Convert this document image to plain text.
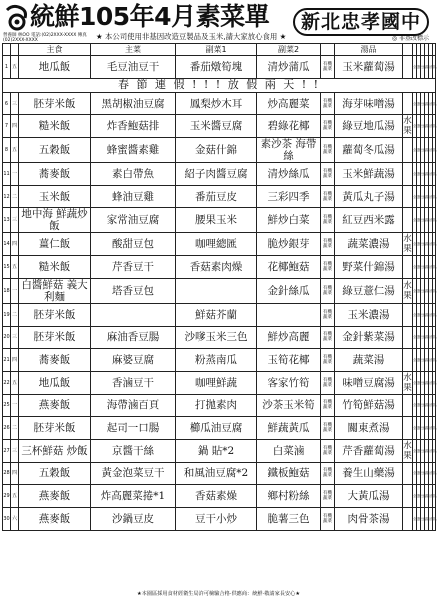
統鮮105年4月素菜單	新北忠孝國中
營養師 林OO 電話:(02)2XXX-XXXX 傳真(02)2XXX-XXXX	★ 本公司使用非基因改造豆製品及玉米,請大家放心食用 ★	◎ 非基改標示
		主食	主菜	副菜1	副菜2		湯品							
1	五	地瓜飯	毛豆油豆干	番茄燉筍塊	清炒蒲瓜	有機蔬菜	玉米蘿蔔湯		全	蛋	豆	蔬	油	熱
春 節 連 假 ! ! ! 放 假 兩 天 ! !														
6	三	胚芽米飯	黑胡椒油豆腐	鳳梨炒木耳	炒高麗菜	有機蔬菜	海芽味噌湯		全	蛋	豆	蔬	油	熱
7	四	糙米飯	炸香鮑菇排	玉米醬豆腐	碧綠花椰	有機蔬菜	綠豆地瓜湯	水果	全	蛋	豆	蔬	油	熱
8	五	五穀飯	蜂蜜醬素雞	金菇什錦	素沙茶 海帶絲	有機蔬菜	蘿蔔冬瓜湯		全	蛋	豆	蔬	油	熱
11	一	蕎麥飯	素白帶魚	紹子肉醬豆腐	清炒絲瓜	有機蔬菜	玉米鮮蔬湯		全	蛋	豆	蔬	油	熱
12	二	玉米飯	蜂油豆雞	番茄豆皮	三彩四季	有機蔬菜	黃瓜丸子湯		全	蛋	豆	蔬	油	熱
13	三	地中海 鮮蔬炒飯	家常油豆腐	腰果玉米	鮮炒白菜	有機蔬菜	紅豆西米露		全	蛋	豆	蔬	油	熱
14	四	薑仁飯	酸甜豆包	咖哩總匯	脆炒銀芽	有機蔬菜	蔬菜濃湯	水果	全	蛋	豆	蔬	油	熱
15	五	糙米飯	芹香豆干	香菇素肉燥	花椰鮑菇	有機蔬菜	野菜什錦湯		全	蛋	豆	蔬	油	熱
18	一	白醬鮮菇 義大利麵	塔香豆包		金針絲瓜	有機蔬菜	綠豆薏仁湯	水果	全	蛋	豆	蔬	油	熱
19	二	胚芽米飯		鮮菇芥蘭		有機蔬菜	玉米濃湯		全	蛋	豆	蔬	油	熱
20	三	胚芽米飯	麻油香豆腸	沙嗲玉米三色	鮮炒高麗	有機蔬菜	金針紫菜湯		全	蛋	豆	蔬	油	熱
21	四	蕎麥飯	麻婆豆腐	粉蒸南瓜	玉筍花椰	有機蔬菜	蔬菜湯		全	蛋	豆	蔬	油	熱
22	五	地瓜飯	香滷豆干	咖哩鮮蔬	客家竹筍	有機蔬菜	味噌豆腐湯	水果	全	蛋	豆	蔬	油	熱
25	一	燕麥飯	海帶滷百頁	打拋素肉	沙茶玉米筍	有機蔬菜	竹筍鮮菇湯		全	蛋	豆	蔬	油	熱
26	二	胚芽米飯	起司一口腸	櫛瓜油豆腐	鮮蔬黃瓜	有機蔬菜	關東煮湯		全	蛋	豆	蔬	油	熱
27	三	三杯鮮菇 炒飯	京醬干絲	鍋 貼*2	白菜滷	有機蔬菜	芹香蘿蔔湯	水果	全	蛋	豆	蔬	油	熱
28	四	五穀飯	黃金泡菜豆干	和風油豆腐*2	鐵板鮑菇	有機蔬菜	養生山藥湯		全	蛋	豆	蔬	油	熱
29	五	燕麥飯	炸高麗菜捲*1	香菇素燥	鄉村粉絲	有機蔬菜	大黃瓜湯		全	蛋	豆	蔬	油	熱
30	六	燕麥飯	沙鍋豆皮	豆干小炒	脆薯三色	有機蔬菜	肉骨茶湯		全	蛋	豆	蔬	油	熱
★本園區採用食材經衛生局許可檢驗合格·供應商：統鮮·敬請家長安心★
